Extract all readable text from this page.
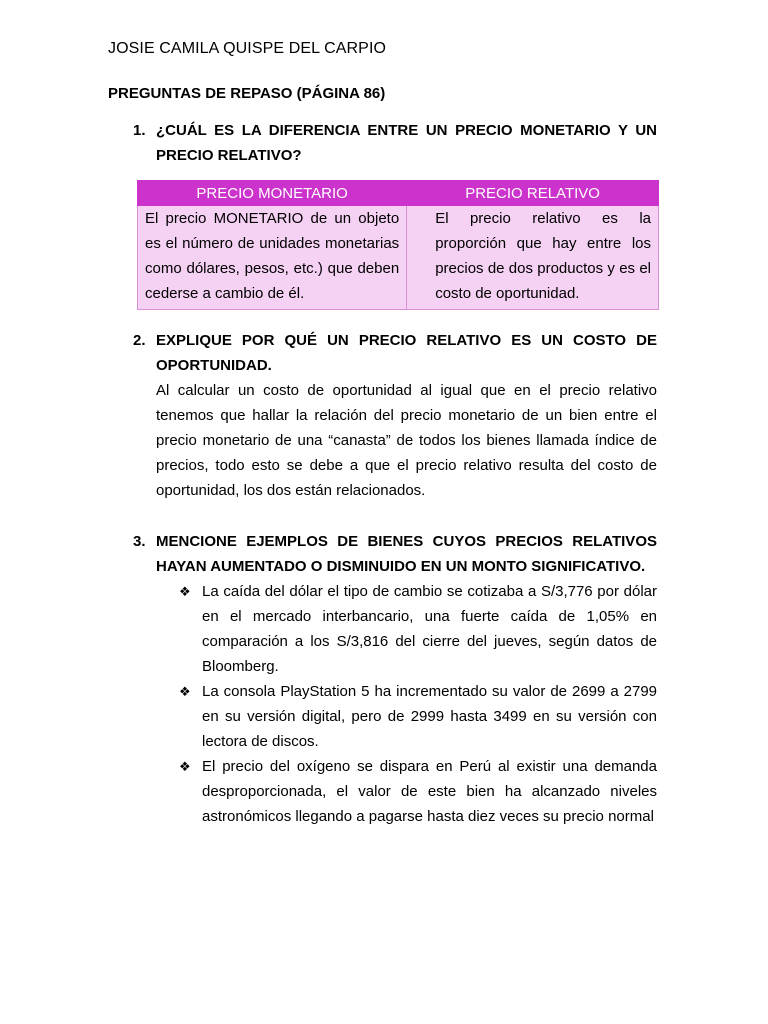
JOSIE CAMILA QUISPE DEL CARPIO
PREGUNTAS DE REPASO (PÁGINA 86)
1. ¿CUÁL ES LA DIFERENCIA ENTRE UN PRECIO MONETARIO Y UN PRECIO RELATIVO?
PRECIO MONETARIO	PRECIO RELATIVO
El precio MONETARIO de un objeto es el número de unidades monetarias como dólares, pesos, etc.) que deben cederse a cambio de él.	El precio relativo es la proporción que hay entre los precios de dos productos y es el costo de oportunidad.
2. EXPLIQUE POR QUÉ UN PRECIO RELATIVO ES UN COSTO DE OPORTUNIDAD.
Al calcular un costo de oportunidad al igual que en el precio relativo tenemos que hallar la relación del precio monetario de un bien entre el precio monetario de una “canasta” de todos los bienes llamada índice de precios, todo esto se debe a que el precio relativo resulta del costo de oportunidad, los dos están relacionados.
3. MENCIONE EJEMPLOS DE BIENES CUYOS PRECIOS RELATIVOS HAYAN AUMENTADO O DISMINUIDO EN UN MONTO SIGNIFICATIVO.
❖ La caída del dólar el tipo de cambio se cotizaba a S/3,776 por dólar en el mercado interbancario, una fuerte caída de 1,05% en comparación a los S/3,816 del cierre del jueves, según datos de Bloomberg.
❖ La consola PlayStation 5 ha incrementado su valor de 2699 a 2799 en su versión digital, pero de 2999 hasta 3499 en su versión con lectora de discos.
❖ El precio del oxígeno se dispara en Perú al existir una demanda desproporcionada, el valor de este bien ha alcanzado niveles astronómicos llegando a pagarse hasta diez veces su precio normal
